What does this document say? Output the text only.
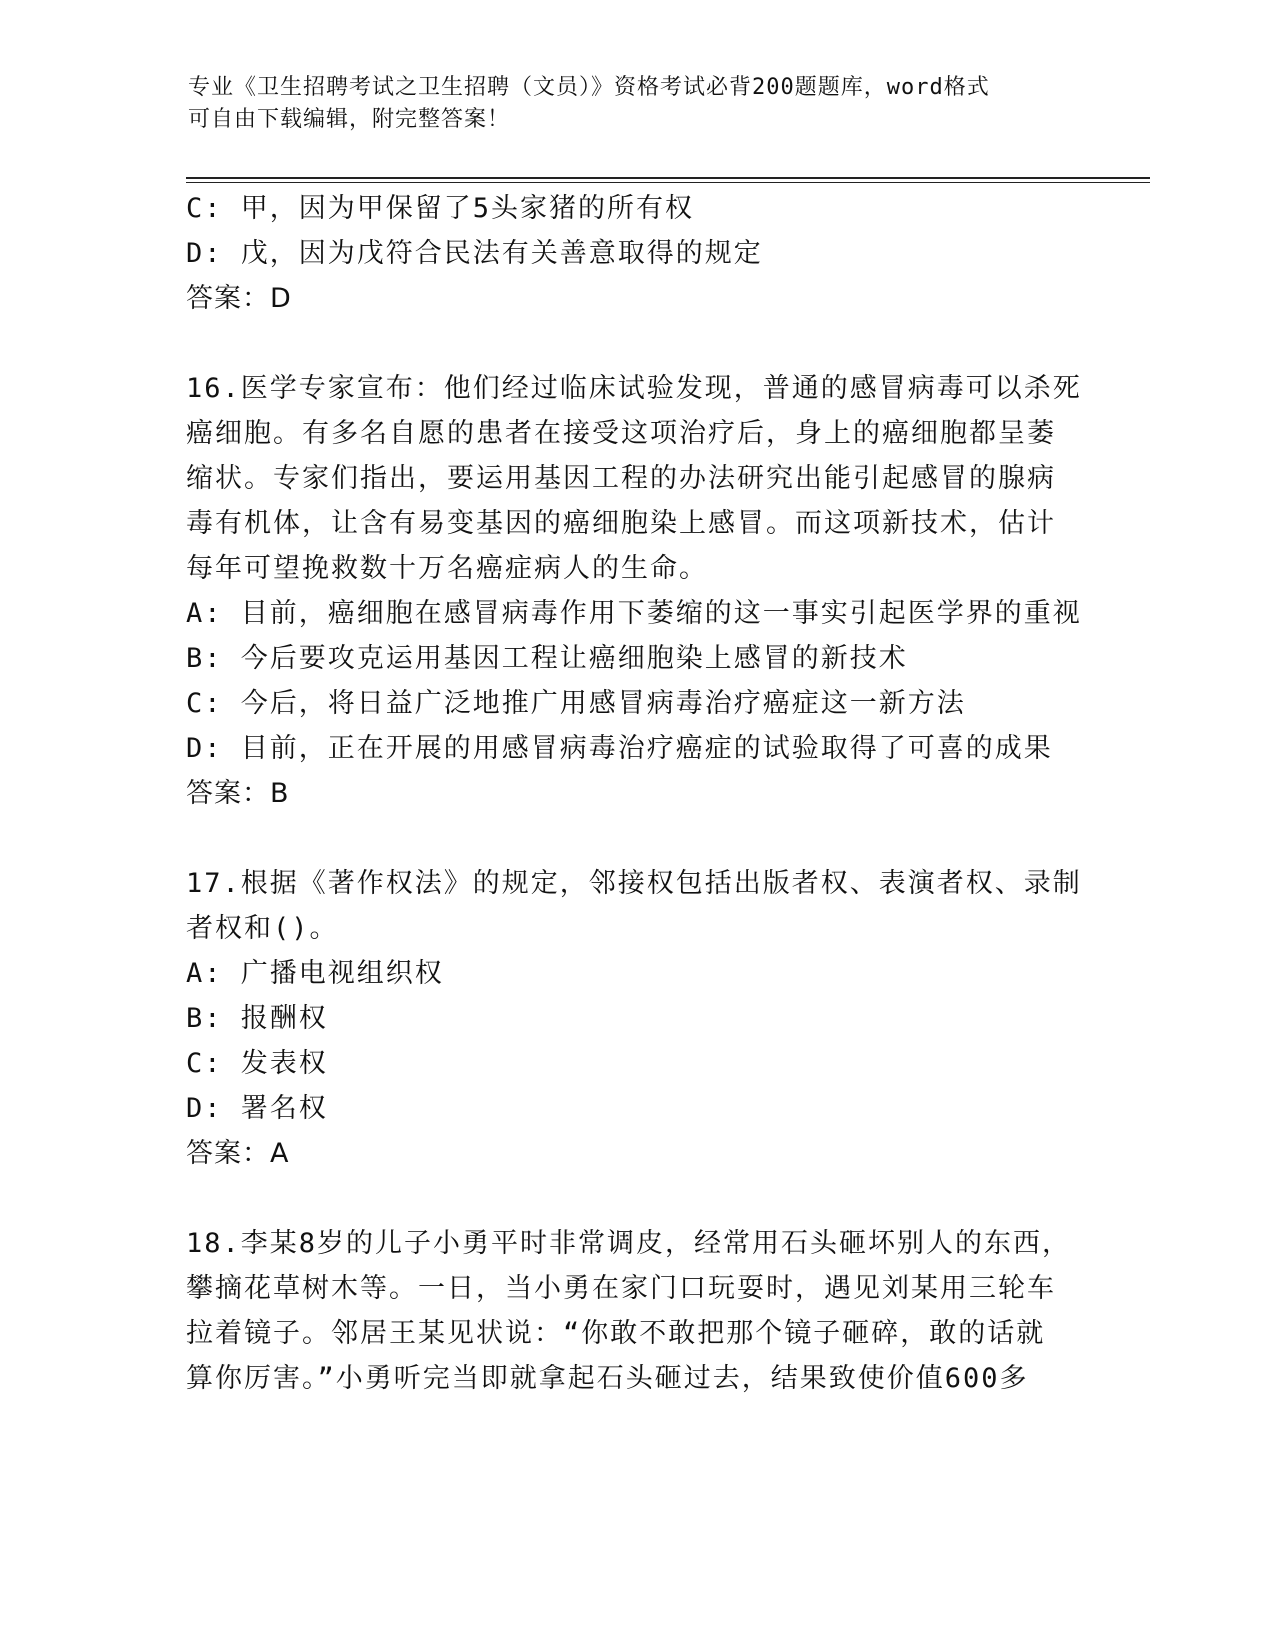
专业《卫生招聘考试之卫生招聘（文员）》资格考试必背200题题库，word格式
可自由下载编辑，附完整答案！
C: 甲，因为甲保留了5头家猪的所有权
D: 戊，因为戊符合民法有关善意取得的规定
答案：D
16.医学专家宣布：他们经过临床试验发现，普通的感冒病毒可以杀死
癌细胞。有多名自愿的患者在接受这项治疗后，身上的癌细胞都呈萎
缩状。专家们指出，要运用基因工程的办法研究出能引起感冒的腺病
毒有机体，让含有易变基因的癌细胞染上感冒。而这项新技术，估计
每年可望挽救数十万名癌症病人的生命。
A: 目前，癌细胞在感冒病毒作用下萎缩的这一事实引起医学界的重视
B: 今后要攻克运用基因工程让癌细胞染上感冒的新技术
C: 今后，将日益广泛地推广用感冒病毒治疗癌症这一新方法
D: 目前，正在开展的用感冒病毒治疗癌症的试验取得了可喜的成果
答案：B
17.根据《著作权法》的规定，邻接权包括出版者权、表演者权、录制
者权和()。
A: 广播电视组织权
B: 报酬权
C: 发表权
D: 署名权
答案：A
18.李某8岁的儿子小勇平时非常调皮，经常用石头砸坏别人的东西，
攀摘花草树木等。一日，当小勇在家门口玩耍时，遇见刘某用三轮车
拉着镜子。邻居王某见状说：“你敢不敢把那个镜子砸碎，敢的话就
算你厉害。”小勇听完当即就拿起石头砸过去，结果致使价值600多
